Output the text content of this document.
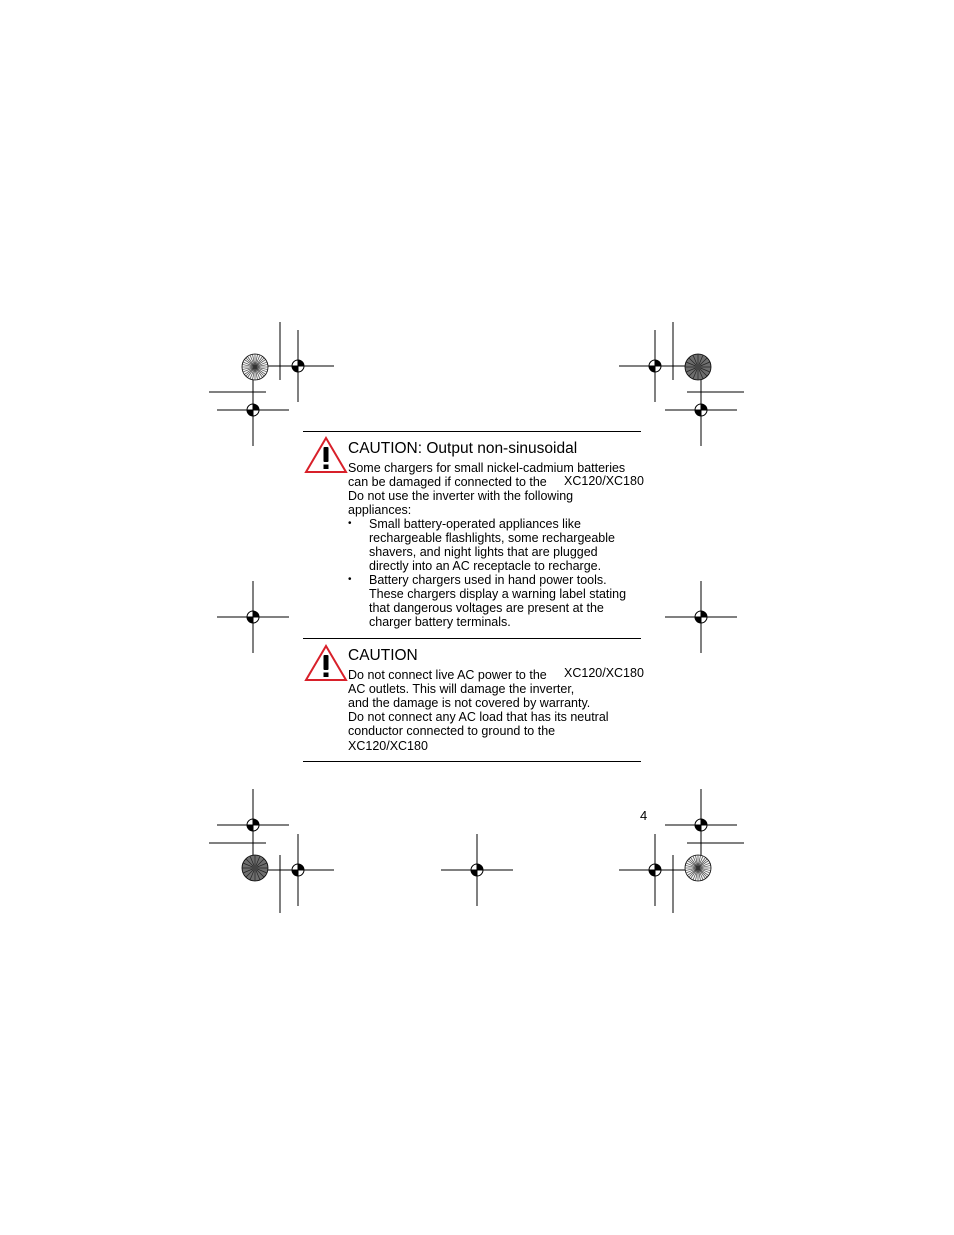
CAUTION: Output non-sinusoidal
Some chargers for small nickel-cadmium batteries
can be damaged if connected to the XC120/XC180
Do not use the inverter with the following
appliances:
• Small battery-operated appliances like
rechargeable flashlights, some rechargeable
shavers, and night lights that are plugged
directly into an AC receptacle to recharge.
• Battery chargers used in hand power tools.
These chargers display a warning label stating
that dangerous voltages are present at the
charger battery terminals.
CAUTION
Do not connect live AC power to the XC120/XC180
AC outlets. This will damage the inverter,
and the damage is not covered by warranty.
Do not connect any AC load that has its neutral
conductor connected to ground to the
XC120/XC180
4
